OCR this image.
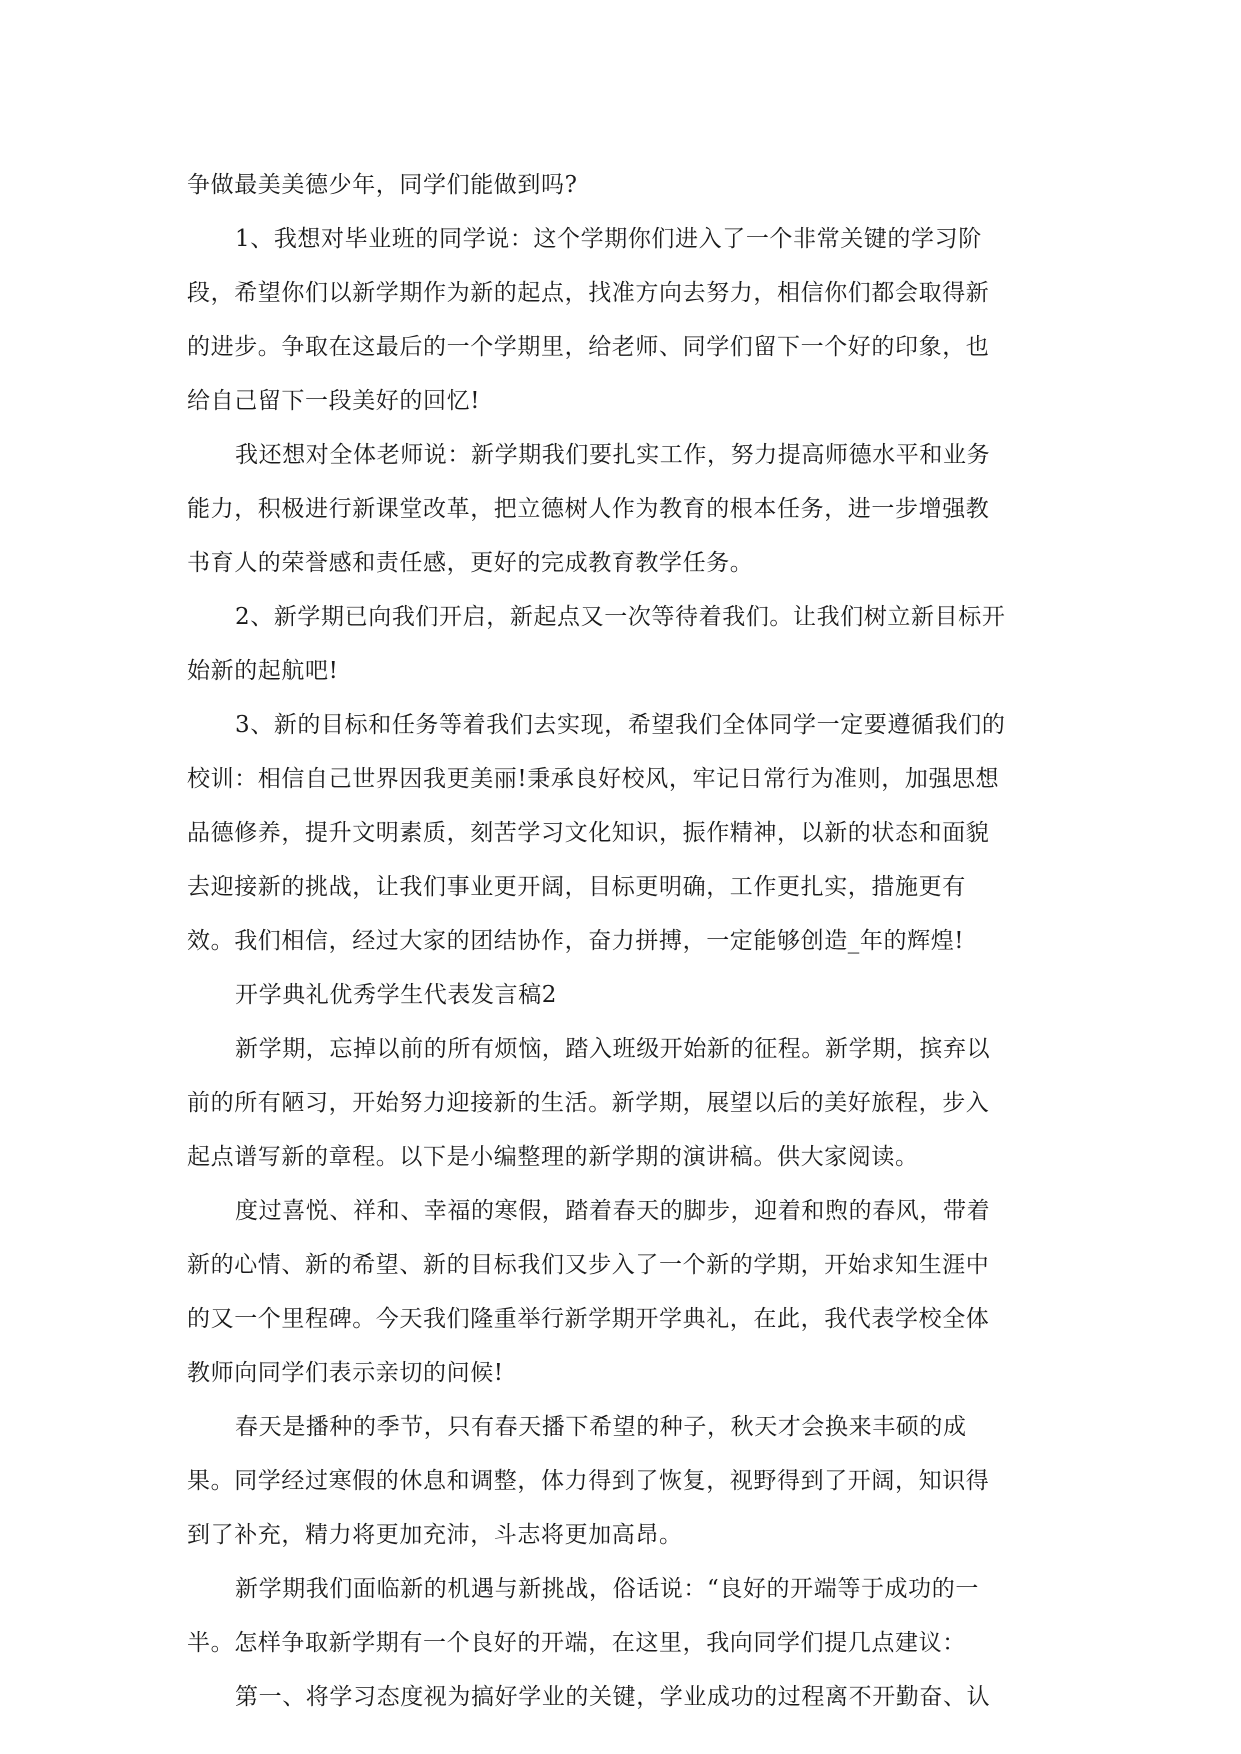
争做最美美德少年，同学们能做到吗?
1、我想对毕业班的同学说：这个学期你们进入了一个非常关键的学习阶
段，希望你们以新学期作为新的起点，找准方向去努力，相信你们都会取得新
的进步。争取在这最后的一个学期里，给老师、同学们留下一个好的印象，也
给自己留下一段美好的回忆!
我还想对全体老师说：新学期我们要扎实工作，努力提高师德水平和业务
能力，积极进行新课堂改革，把立德树人作为教育的根本任务，进一步增强教
书育人的荣誉感和责任感，更好的完成教育教学任务。
2、新学期已向我们开启，新起点又一次等待着我们。让我们树立新目标开
始新的起航吧!
3、新的目标和任务等着我们去实现，希望我们全体同学一定要遵循我们的
校训：相信自己世界因我更美丽!秉承良好校风，牢记日常行为准则，加强思想
品德修养，提升文明素质，刻苦学习文化知识，振作精神，以新的状态和面貌
去迎接新的挑战，让我们事业更开阔，目标更明确，工作更扎实，措施更有
效。我们相信，经过大家的团结协作，奋力拼搏，一定能够创造_年的辉煌!
开学典礼优秀学生代表发言稿2
新学期，忘掉以前的所有烦恼，踏入班级开始新的征程。新学期，摈弃以
前的所有陋习，开始努力迎接新的生活。新学期，展望以后的美好旅程，步入
起点谱写新的章程。以下是小编整理的新学期的演讲稿。供大家阅读。
度过喜悦、祥和、幸福的寒假，踏着春天的脚步，迎着和煦的春风，带着
新的心情、新的希望、新的目标我们又步入了一个新的学期，开始求知生涯中
的又一个里程碑。今天我们隆重举行新学期开学典礼，在此，我代表学校全体
教师向同学们表示亲切的问候!
春天是播种的季节，只有春天播下希望的种子，秋天才会换来丰硕的成
果。同学经过寒假的休息和调整，体力得到了恢复，视野得到了开阔，知识得
到了补充，精力将更加充沛，斗志将更加高昂。
新学期我们面临新的机遇与新挑战，俗话说：“良好的开端等于成功的一
半。怎样争取新学期有一个良好的开端，在这里，我向同学们提几点建议：
第一、将学习态度视为搞好学业的关键，学业成功的过程离不开勤奋、认
